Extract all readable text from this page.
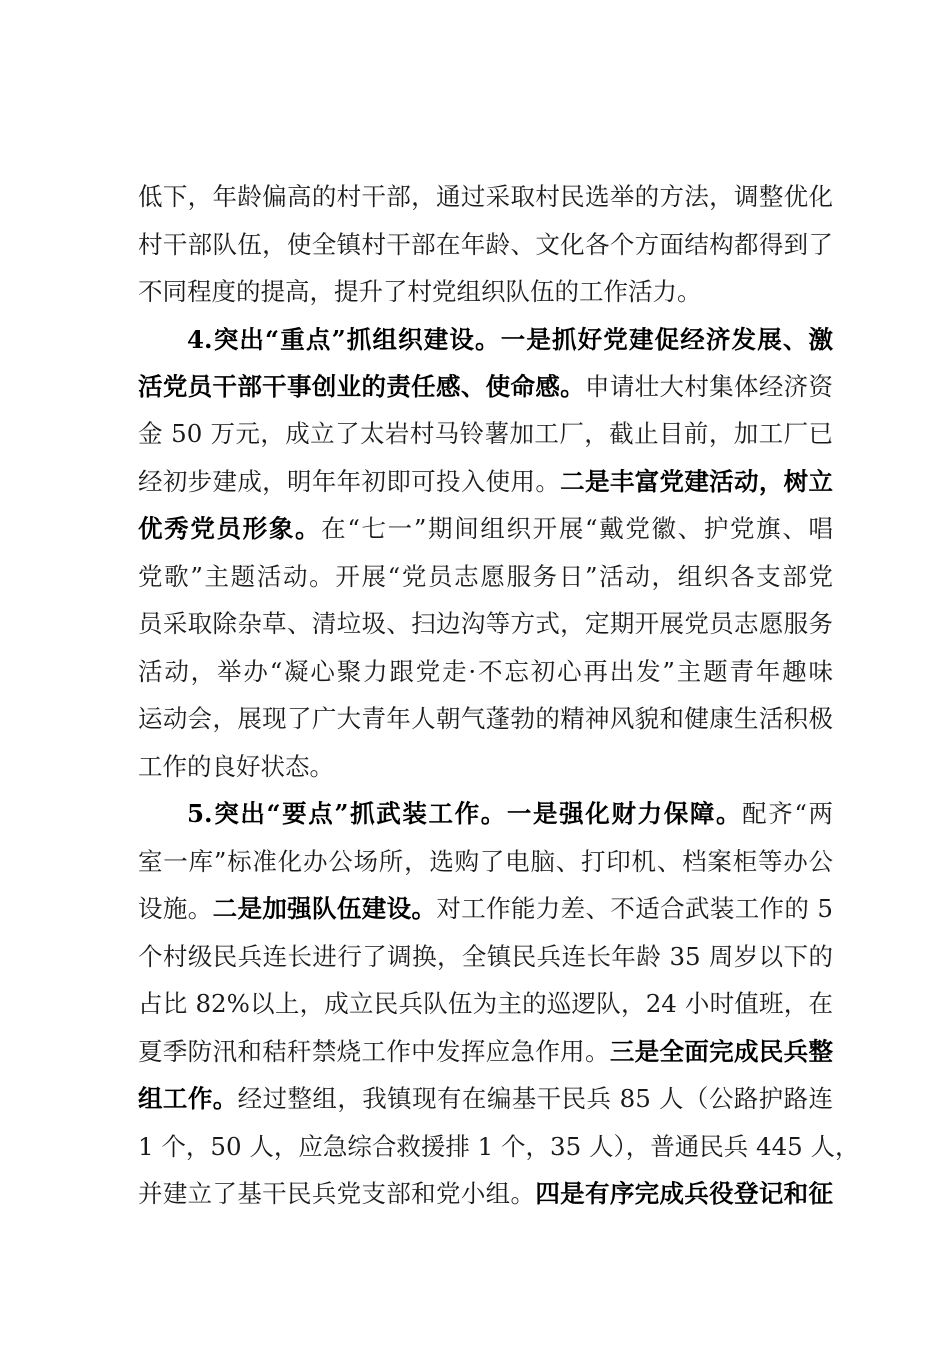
低下，年龄偏高的村干部，通过采取村民选举的方法，调整优化
村干部队伍，使全镇村干部在年龄、文化各个方面结构都得到了
不同程度的提高，提升了村党组织队伍的工作活力。
4.突出“重点”抓组织建设。一是抓好党建促经济发展、激
活党员干部干事创业的责任感、使命感。申请壮大村集体经济资
金 50 万元，成立了太岩村马铃薯加工厂，截止目前，加工厂已
经初步建成，明年年初即可投入使用。二是丰富党建活动，树立
优秀党员形象。在“七一”期间组织开展“戴党徽、护党旗、唱
党歌”主题活动。开展“党员志愿服务日”活动，组织各支部党
员采取除杂草、清垃圾、扫边沟等方式，定期开展党员志愿服务
活动，举办“凝心聚力跟党走·不忘初心再出发”主题青年趣味
运动会，展现了广大青年人朝气蓬勃的精神风貌和健康生活积极
工作的良好状态。
5.突出“要点”抓武装工作。一是强化财力保障。配齐“两
室一库”标准化办公场所，选购了电脑、打印机、档案柜等办公
设施。二是加强队伍建设。对工作能力差、不适合武装工作的 5
个村级民兵连长进行了调换，全镇民兵连长年龄 35 周岁以下的
占比 82%以上，成立民兵队伍为主的巡逻队，24 小时值班，在
夏季防汛和秸秆禁烧工作中发挥应急作用。三是全面完成民兵整
组工作。经过整组，我镇现有在编基干民兵 85 人（公路护路连
1 个，50 人，应急综合救援排 1 个，35 人），普通民兵 445 人，
并建立了基干民兵党支部和党小组。四是有序完成兵役登记和征
